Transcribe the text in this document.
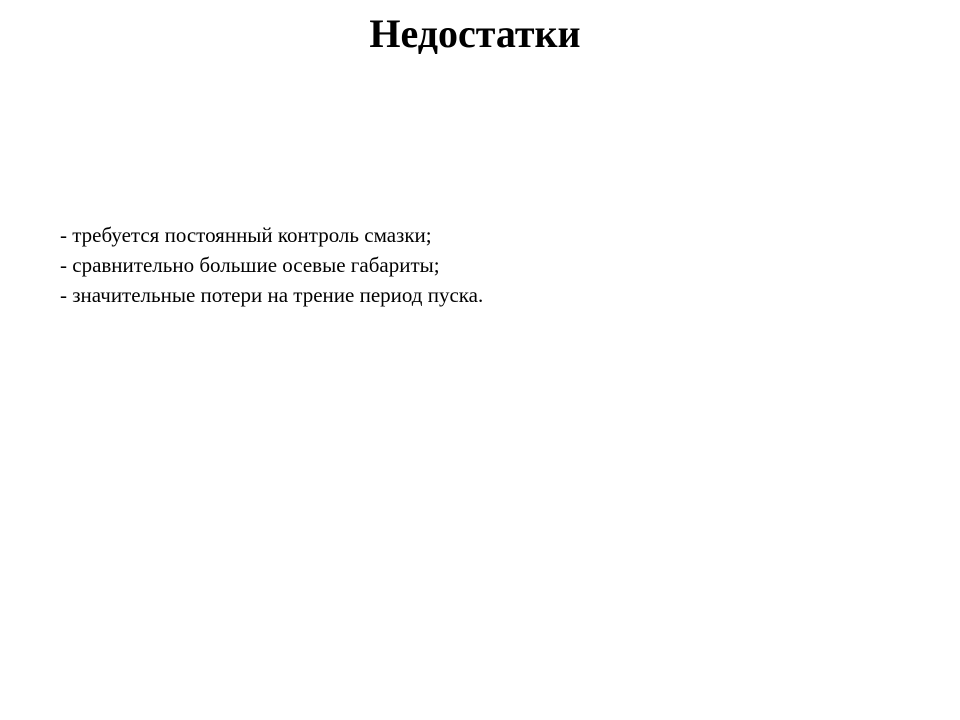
Недостатки
- требуется постоянный контроль смазки;
- сравнительно большие осевые габариты;
- значительные потери на трение период пуска.
